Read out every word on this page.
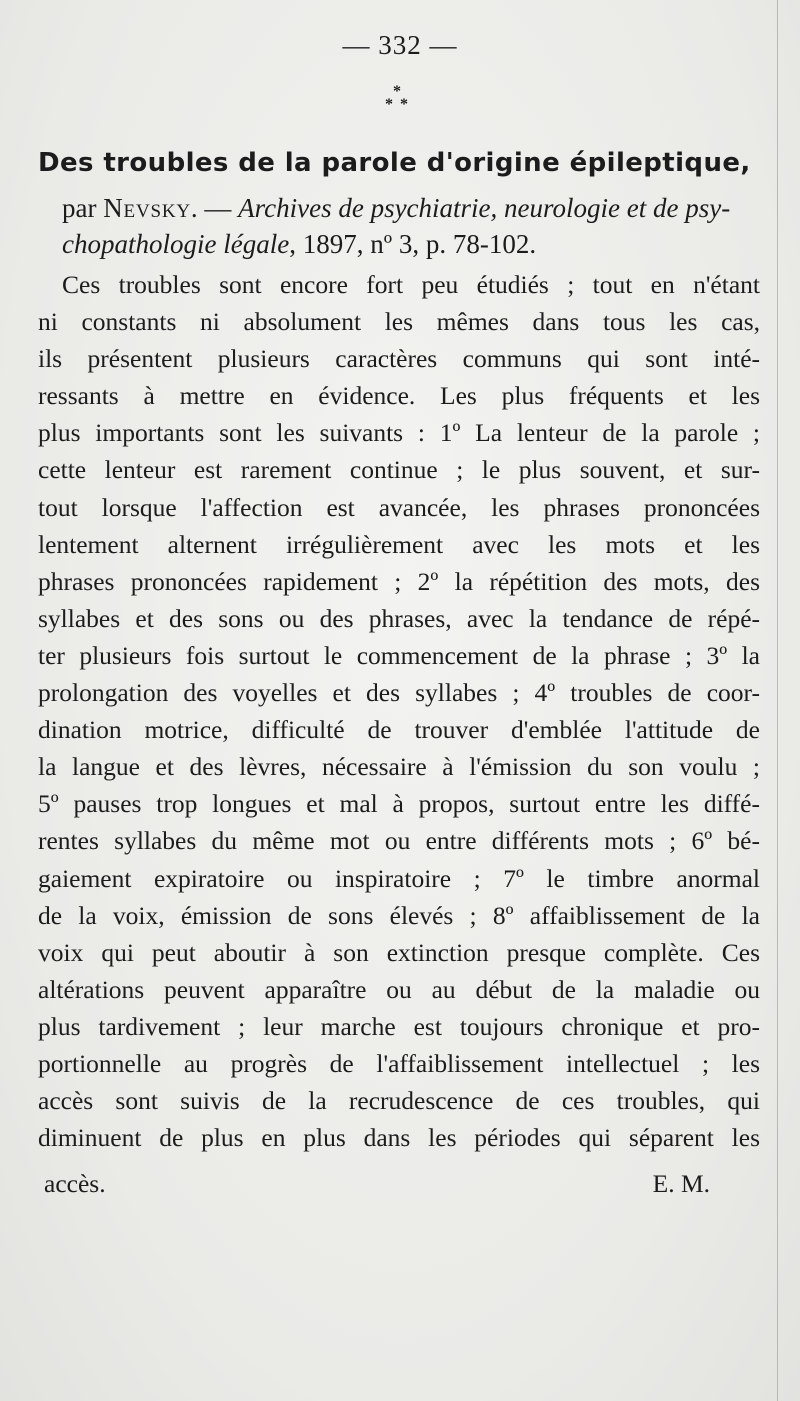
— 332 —
*
* *
Des troubles de la parole d'origine épileptique,
par Nevsky. — Archives de psychiatrie, neurologie et de psy-
chopathologie légale, 1897, nº 3, p. 78-102.
Ces troubles sont encore fort peu étudiés ; tout en n'étant
ni constants ni absolument les mêmes dans tous les cas,
ils présentent plusieurs caractères communs qui sont inté-
ressants à mettre en évidence. Les plus fréquents et les
plus importants sont les suivants : 1º La lenteur de la parole ;
cette lenteur est rarement continue ; le plus souvent, et sur-
tout lorsque l'affection est avancée, les phrases prononcées
lentement alternent irrégulièrement avec les mots et les
phrases prononcées rapidement ; 2º la répétition des mots, des
syllabes et des sons ou des phrases, avec la tendance de répé-
ter plusieurs fois surtout le commencement de la phrase ; 3º la
prolongation des voyelles et des syllabes ; 4º troubles de coor-
dination motrice, difficulté de trouver d'emblée l'attitude de
la langue et des lèvres, nécessaire à l'émission du son voulu ;
5º pauses trop longues et mal à propos, surtout entre les diffé-
rentes syllabes du même mot ou entre différents mots ; 6º bé-
gaiement expiratoire ou inspiratoire ; 7º le timbre anormal
de la voix, émission de sons élevés ; 8º affaiblissement de la
voix qui peut aboutir à son extinction presque complète. Ces
altérations peuvent apparaître ou au début de la maladie ou
plus tardivement ; leur marche est toujours chronique et pro-
portionnelle au progrès de l'affaiblissement intellectuel ; les
accès sont suivis de la recrudescence de ces troubles, qui
diminuent de plus en plus dans les périodes qui séparent les
accès.	E. M.
